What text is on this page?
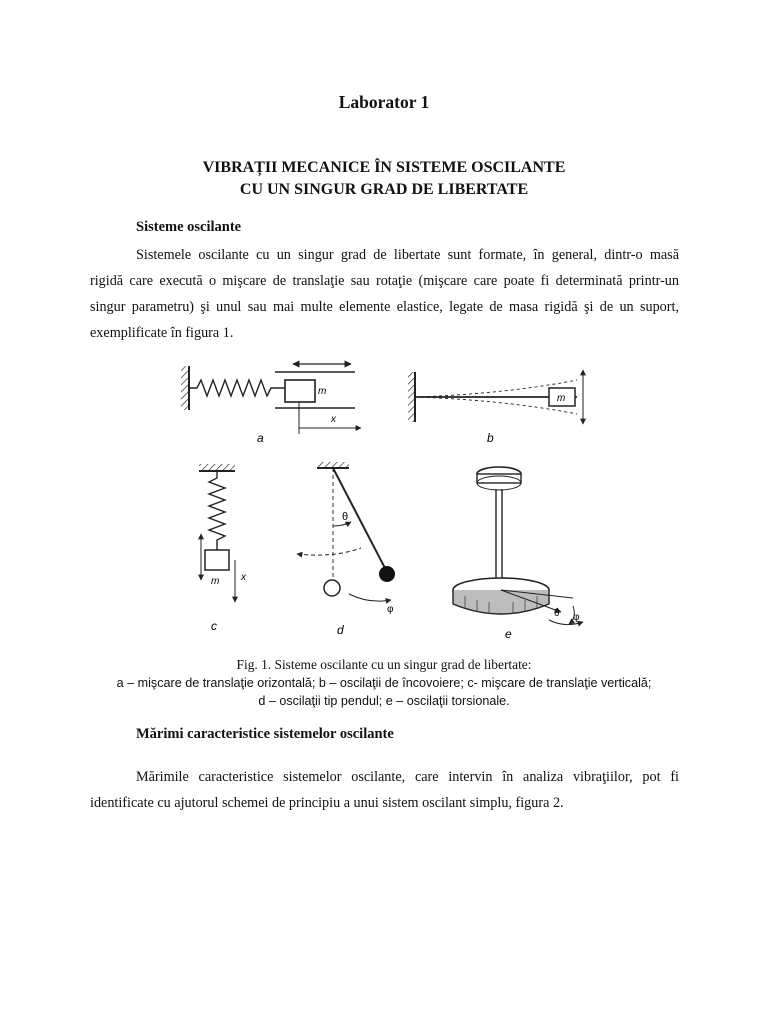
Laborator 1
VIBRAȚII MECANICE ÎN SISTEME OSCILANTE
CU UN SINGUR GRAD DE LIBERTATE
Sisteme oscilante
Sistemele oscilante cu un singur grad de libertate sunt formate, în general, dintr-o masă
rigidă care execută o mişcare de translaţie sau rotaţie (mişcare care poate fi determinată printr-un
singur parametru) şi unul sau mai multe elemente elastice, legate de masa rigidă şi de un suport,
exemplificate în figura 1.
m
x
a
m
b
m x
c
θ
φ
d
θ φ
e
Fig. 1. Sisteme oscilante cu un singur grad de libertate:
a – mişcare de translaţie orizontală; b – oscilaţii de încovoiere; c- mişcare de translaţie verticală;
d – oscilaţii tip pendul; e – oscilaţii torsionale.
Mărimi caracteristice sistemelor oscilante
Mărimile caracteristice sistemelor oscilante, care intervin în analiza vibraţiilor, pot fi
identificate cu ajutorul schemei de principiu a unui sistem oscilant simplu, figura 2.
